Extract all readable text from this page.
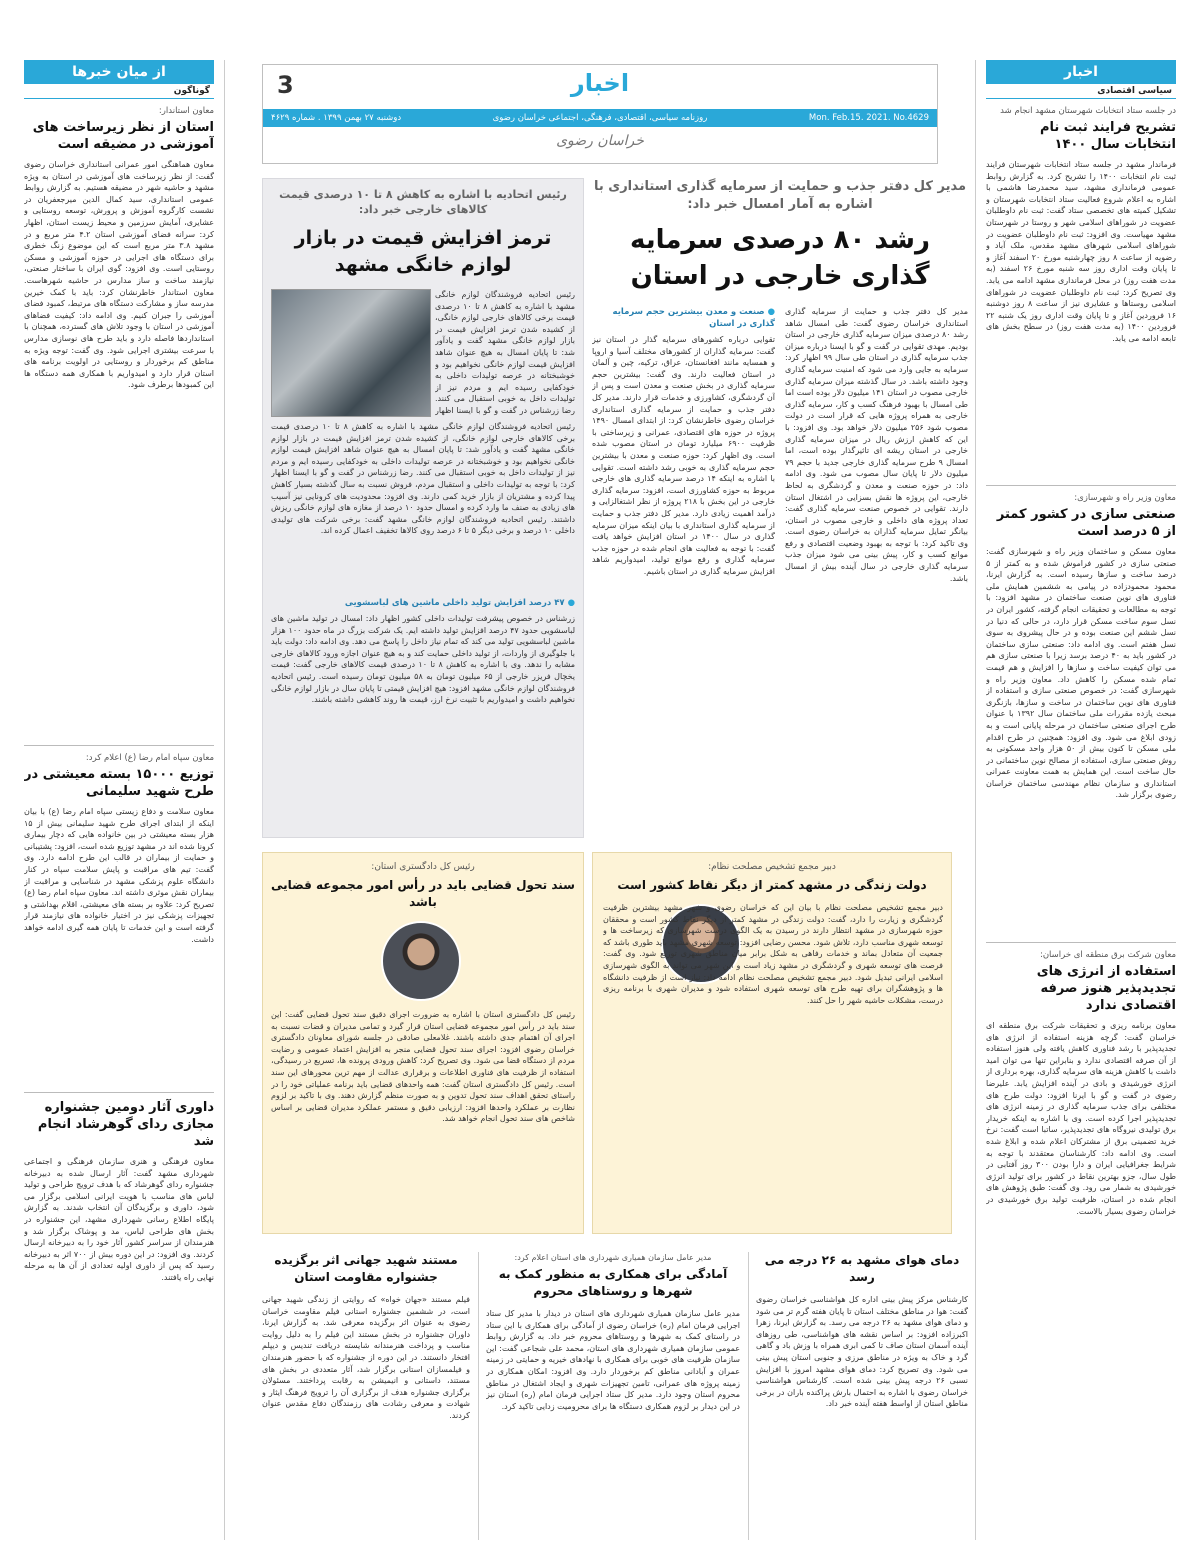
اخبار
سیاسی اقتصادی
در جلسه ستاد انتخابات شهرستان مشهد انجام شد
تشریح فرایند ثبت نام انتخابات سال ۱۴۰۰
فرماندار مشهد در جلسه ستاد انتخابات شهرستان فرایند ثبت نام انتخابات ۱۴۰۰ را تشریح کرد. به گزارش روابط عمومی فرمانداری مشهد، سید محمدرضا هاشمی با اشاره به اعلام شروع فعالیت ستاد انتخابات شهرستان و تشکیل کمیته های تخصصی ستاد گفت: ثبت نام داوطلبان عضویت در شوراهای اسلامی شهر و روستا در شهرستان مشهد مهیاست. وی افزود: ثبت نام داوطلبان عضویت در شوراهای اسلامی شهرهای مشهد مقدس، ملک آباد و رضویه از ساعت ۸ روز چهارشنبه مورخ ۲۰ اسفند آغاز و تا پایان وقت اداری روز سه شنبه مورخ ۲۶ اسفند (به مدت هفت روز) در محل فرمانداری مشهد ادامه می یابد. وی تصریح کرد: ثبت نام داوطلبان عضویت در شوراهای اسلامی روستاها و عشایری نیز از ساعت ۸ روز دوشنبه ۱۶ فروردین آغاز و تا پایان وقت اداری روز یک شنبه ۲۲ فروردین ۱۴۰۰ (به مدت هفت روز) در سطح بخش های تابعه ادامه می یابد.
معاون وزیر راه و شهرسازی:
صنعتی سازی در کشور کمتر از ۵ درصد است
معاون مسکن و ساختمان وزیر راه و شهرسازی گفت: صنعتی سازی در کشور فراموش شده و به کمتر از ۵ درصد ساخت و سازها رسیده است. به گزارش ایرنا، محمود محمودزاده در پیامی به ششمین همایش ملی فناوری های نوین صنعت ساختمان در مشهد افزود: با توجه به مطالعات و تحقیقات انجام گرفته، کشور ایران در نسل سوم ساخت مسکن قرار دارد، در حالی که دنیا در نسل ششم این صنعت بوده و در حال پیشروی به سوی نسل هفتم است. وی ادامه داد: صنعتی سازی ساختمان در کشور باید به ۴۰ درصد برسد زیرا با صنعتی سازی هم می توان کیفیت ساخت و سازها را افزایش و هم قیمت تمام شده مسکن را کاهش داد. معاون وزیر راه و شهرسازی گفت: در خصوص صنعتی سازی و استفاده از فناوری های نوین ساختمان در ساخت و سازها، بازنگری مبحث یازده مقررات ملی ساختمان سال ۱۳۹۲ با عنوان طرح اجرای صنعتی ساختمان در مرحله پایانی است و به زودی ابلاغ می شود. وی افزود: همچنین در طرح اقدام ملی مسکن تا کنون بیش از ۵۰ هزار واحد مسکونی به روش صنعتی سازی، استفاده از مصالح نوین ساختمانی در حال ساخت است. این همایش به همت معاونت عمرانی استانداری و سازمان نظام مهندسی ساختمان خراسان رضوی برگزار شد.
معاون شرکت برق منطقه ای خراسان:
استفاده از انرژی های تجدیدپذیر هنوز صرفه اقتصادی ندارد
معاون برنامه ریزی و تحقیقات شرکت برق منطقه ای خراسان گفت: گرچه هزینه استفاده از انرژی های تجدیدپذیر با رشد فناوری کاهش یافته ولی هنوز استفاده از آن صرفه اقتصادی ندارد و بنابراین تنها می توان امید داشت با کاهش هزینه های سرمایه گذاری، بهره برداری از انرژی خورشیدی و بادی در آینده افزایش یابد. علیرضا رضوی در گفت و گو با ایرنا افزود: دولت طرح های مختلفی برای جذب سرمایه گذاری در زمینه انرژی های تجدیدپذیر اجرا کرده است. وی با اشاره به اینکه خریدار برق تولیدی نیروگاه های تجدیدپذیر، ساتبا است گفت: نرخ خرید تضمینی برق از مشترکان اعلام شده و ابلاغ شده است. وی ادامه داد: کارشناسان معتقدند با توجه به شرایط جغرافیایی ایران و دارا بودن ۳۰۰ روز آفتابی در طول سال، جزو بهترین نقاط در کشور برای تولید انرژی خورشیدی به شمار می رود. وی گفت: طبق پژوهش های انجام شده در استان، ظرفیت تولید برق خورشیدی در خراسان رضوی بسیار بالاست.
از میان خبرها
گوناگون
معاون استاندار:
استان از نظر زیرساخت های آموزشی در مضیقه است
معاون هماهنگی امور عمرانی استانداری خراسان رضوی گفت: از نظر زیرساخت های آموزشی در استان به ویژه مشهد و حاشیه شهر در مضیقه هستیم. به گزارش روابط عمومی استانداری، سید کمال الدین میرجعفریان در نشست کارگروه آموزش و پرورش، توسعه روستایی و عشایری، آمایش سرزمین و محیط زیست استان، اظهار کرد: سرانه فضای آموزشی استان ۴.۲ متر مربع و در مشهد ۳.۸ متر مربع است که این موضوع زنگ خطری برای دستگاه های اجرایی در حوزه آموزشی و مسکن روستایی است. وی افزود: گوی ایران با ساختار صنعتی، نیازمند ساخت و ساز مدارس در حاشیه شهرهاست. معاون استاندار خاطرنشان کرد: باید با کمک خیرین مدرسه ساز و مشارکت دستگاه های مرتبط، کمبود فضای آموزشی را جبران کنیم. وی ادامه داد: کیفیت فضاهای آموزشی در استان با وجود تلاش های گسترده، همچنان با استانداردها فاصله دارد و باید طرح های نوسازی مدارس با سرعت بیشتری اجرایی شود. وی گفت: توجه ویژه به مناطق کم برخوردار و روستایی در اولویت برنامه های استان قرار دارد و امیدواریم با همکاری همه دستگاه ها این کمبودها برطرف شود.
معاون سپاه امام رضا (ع) اعلام کرد:
توزیع ۱۵۰۰۰ بسته معیشتی در طرح شهید سلیمانی
معاون سلامت و دفاع زیستی سپاه امام رضا (ع) با بیان اینکه از ابتدای اجرای طرح شهید سلیمانی بیش از ۱۵ هزار بسته معیشتی در بین خانواده هایی که دچار بیماری کرونا شده اند در مشهد توزیع شده است، افزود: پشتیبانی و حمایت از بیماران در قالب این طرح ادامه دارد. وی گفت: تیم های مراقبت و پایش سلامت سپاه در کنار دانشگاه علوم پزشکی مشهد در شناسایی و مراقبت از بیماران نقش موثری داشته اند. معاون سپاه امام رضا (ع) تصریح کرد: علاوه بر بسته های معیشتی، اقلام بهداشتی و تجهیزات پزشکی نیز در اختیار خانواده های نیازمند قرار گرفته است و این خدمات تا پایان همه گیری ادامه خواهد داشت.
داوری آثار دومین جشنواره مجازی ردای گوهرشاد انجام شد
معاون فرهنگی و هنری سازمان فرهنگی و اجتماعی شهرداری مشهد گفت: آثار ارسال شده به دبیرخانه جشنواره ردای گوهرشاد که با هدف ترویج طراحی و تولید لباس های مناسب با هویت ایرانی اسلامی برگزار می شود، داوری و برگزیدگان آن انتخاب شدند. به گزارش پایگاه اطلاع رسانی شهرداری مشهد، این جشنواره در بخش های طراحی لباس، مد و پوشاک برگزار شد و هنرمندان از سراسر کشور آثار خود را به دبیرخانه ارسال کردند. وی افزود: در این دوره بیش از ۷۰۰ اثر به دبیرخانه رسید که پس از داوری اولیه تعدادی از آن ها به مرحله نهایی راه یافتند.
اخبار
3
روزنامه سیاسی، اقتصادی، فرهنگی، اجتماعی خراسان رضوی	Mon. Feb.15. 2021. No.4629
دوشنبه ۲۷ بهمن ۱۳۹۹ . شماره ۴۶۲۹
خراسان رضوی
مدیر کل دفتر جذب و حمایت از سرمایه گذاری استانداری با اشاره به آمار امسال خبر داد:
رشد ۸۰ درصدی سرمایه گذاری خارجی در استان
مدیر کل دفتر جذب و حمایت از سرمایه گذاری استانداری خراسان رضوی گفت: طی امسال شاهد رشد ۸۰ درصدی میزان سرمایه گذاری خارجی در استان بودیم. مهدی تقوایی در گفت و گو با ایسنا درباره میزان جذب سرمایه گذاری در استان طی سال ۹۹ اظهار کرد: سرمایه به جایی وارد می شود که امنیت سرمایه گذاری وجود داشته باشد. در سال گذشته میزان سرمایه گذاری خارجی مصوب در استان ۱۴۱ میلیون دلار بوده است اما طی امسال با بهبود فرهنگ کسب و کار، سرمایه گذاری خارجی به همراه پروژه هایی که قرار است در دولت مصوب شود ۲۵۶ میلیون دلار خواهد بود. وی افزود: با این که کاهش ارزش ریال در میزان سرمایه گذاری خارجی در استان ریشه ای تاثیرگذار بوده است، اما امسال ۹ طرح سرمایه گذاری خارجی جدید با حجم ۷۹ میلیون دلار تا پایان سال مصوب می شود. وی ادامه داد: در حوزه صنعت و معدن و گردشگری به لحاظ خارجی، این پروژه ها نقش بسزایی در اشتغال استان دارند. تقوایی در خصوص صنعت سرمایه گذاری گفت: تعداد پروژه های داخلی و خارجی مصوب در استان، بیانگر تمایل سرمایه گذاران به خراسان رضوی است. وی تاکید کرد: با توجه به بهبود وضعیت اقتصادی و رفع موانع کسب و کار، پیش بینی می شود میزان جذب سرمایه گذاری خارجی در سال آینده بیش از امسال باشد.
● صنعت و معدن بیشترین حجم سرمایه گذاری در استان
تقوایی درباره کشورهای سرمایه گذار در استان نیز گفت: سرمایه گذاران از کشورهای مختلف آسیا و اروپا و همسایه مانند افغانستان، عراق، ترکیه، چین و آلمان در استان فعالیت دارند. وی گفت: بیشترین حجم سرمایه گذاری در بخش صنعت و معدن است و پس از آن گردشگری، کشاورزی و خدمات قرار دارند. مدیر کل دفتر جذب و حمایت از سرمایه گذاری استانداری خراسان رضوی خاطرنشان کرد: از ابتدای امسال ۱۴۹۰ پروژه در حوزه های اقتصادی، عمرانی و زیرساختی با ظرفیت ۶۹۰۰ میلیارد تومان در استان مصوب شده است. وی اظهار کرد: حوزه صنعت و معدن با بیشترین حجم سرمایه گذاری به خوبی رشد داشته است. تقوایی با اشاره به اینکه ۱۴ درصد سرمایه گذاری های خارجی مربوط به حوزه کشاورزی است، افزود: سرمایه گذاری خارجی در این بخش با ۲۱۸ پروژه از نظر اشتغالزایی و درآمد اهمیت زیادی دارد. مدیر کل دفتر جذب و حمایت از سرمایه گذاری استانداری با بیان اینکه میزان سرمایه گذاری در سال ۱۴۰۰ در استان افزایش خواهد یافت گفت: با توجه به فعالیت های انجام شده در حوزه جذب سرمایه گذاری و رفع موانع تولید، امیدواریم شاهد افزایش سرمایه گذاری در استان باشیم.
رئیس اتحادیه با اشاره به کاهش ۸ تا ۱۰ درصدی قیمت کالاهای خارجی خبر داد:
ترمز افزایش قیمت در بازار لوازم خانگی مشهد
رئیس اتحادیه فروشندگان لوازم خانگی مشهد با اشاره به کاهش ۸ تا ۱۰ درصدی قیمت برخی کالاهای خارجی لوازم خانگی، از کشیده شدن ترمز افزایش قیمت در بازار لوازم خانگی مشهد گفت و یادآور شد: تا پایان امسال به هیچ عنوان شاهد افزایش قیمت لوازم خانگی نخواهیم بود و خوشبختانه در عرصه تولیدات داخلی به خودکفایی رسیده ایم و مردم نیز از تولیدات داخل به خوبی استقبال می کنند. رضا زرشناس در گفت و گو با ایسنا اظهار
رئیس اتحادیه فروشندگان لوازم خانگی مشهد با اشاره به کاهش ۸ تا ۱۰ درصدی قیمت برخی کالاهای خارجی لوازم خانگی، از کشیده شدن ترمز افزایش قیمت در بازار لوازم خانگی مشهد گفت و یادآور شد: تا پایان امسال به هیچ عنوان شاهد افزایش قیمت لوازم خانگی نخواهیم بود و خوشبختانه در عرصه تولیدات داخلی به خودکفایی رسیده ایم و مردم نیز از تولیدات داخل به خوبی استقبال می کنند. رضا زرشناس در گفت و گو با ایسنا اظهار کرد: با توجه به تولیدات داخلی و استقبال مردم، فروش نسبت به سال گذشته بسیار کاهش پیدا کرده و مشتریان از بازار خرید کمی دارند. وی افزود: محدودیت های کرونایی نیز آسیب های زیادی به صنف ما وارد کرده و امسال حدود ۱۰ درصد از مغازه های لوازم خانگی ریزش داشتند. رئیس اتحادیه فروشندگان لوازم خانگی مشهد گفت: برخی شرکت های تولیدی داخلی ۱۰ درصد و برخی دیگر ۵ تا ۶ درصد روی کالاها تخفیف اعمال کرده اند.
● ۴۷ درصد افزایش تولید داخلی ماشین های لباسشویی
زرشناس در خصوص پیشرفت تولیدات داخلی کشور اظهار داد: امسال در تولید ماشین های لباسشویی حدود ۴۷ درصد افزایش تولید داشته ایم. یک شرکت بزرگ در ماه حدود ۱۰۰ هزار ماشین لباسشویی تولید می کند که تمام نیاز داخل را پاسخ می دهد. وی ادامه داد: دولت باید با جلوگیری از واردات، از تولید داخلی حمایت کند و به هیچ عنوان اجازه ورود کالاهای خارجی مشابه را ندهد. وی با اشاره به کاهش ۸ تا ۱۰ درصدی قیمت کالاهای خارجی گفت: قیمت یخچال فریزر خارجی از ۶۵ میلیون تومان به ۵۸ میلیون تومان رسیده است. رئیس اتحادیه فروشندگان لوازم خانگی مشهد افزود: هیچ افزایش قیمتی تا پایان سال در بازار لوازم خانگی نخواهیم داشت و امیدواریم با تثبیت نرخ ارز، قیمت ها روند کاهشی داشته باشند.
دبیر مجمع تشخیص مصلحت نظام:
دولت زندگی در مشهد کمتر از دیگر نقاط کشور است
دبیر مجمع تشخیص مصلحت نظام با بیان این که خراسان رضوی و شهر مشهد بیشترین ظرفیت گردشگری و زیارت را دارد، گفت: دولت زندگی در مشهد کمتر از دیگر نقاط کشور است و محققان حوزه شهرسازی در مشهد انتظار دارند در رسیدن به یک الگوی درست شهرسازی که زیرساخت ها و توسعه شهری مناسب دارد، تلاش شود. محسن رضایی افزود: توسعه شهری مشهد باید طوری باشد که جمعیت آن متعادل بماند و خدمات رفاهی به شکل برابر میان مناطق شهری توزیع شود. وی گفت: فرصت های توسعه شهری و گردشگری در مشهد زیاد است و این شهر می تواند به الگوی شهرسازی اسلامی ایرانی تبدیل شود. دبیر مجمع تشخیص مصلحت نظام ادامه داد: نیاز است از ظرفیت دانشگاه ها و پژوهشگران برای تهیه طرح های توسعه شهری استفاده شود و مدیران شهری با برنامه ریزی درست، مشکلات حاشیه شهر را حل کنند.
رئیس کل دادگستری استان:
سند تحول قضایی باید در رأس امور مجموعه قضایی باشد
رئیس کل دادگستری استان با اشاره به ضرورت اجرای دقیق سند تحول قضایی گفت: این سند باید در رأس امور مجموعه قضایی استان قرار گیرد و تمامی مدیران و قضات نسبت به اجرای آن اهتمام جدی داشته باشند. غلامعلی صادقی در جلسه شورای معاونان دادگستری خراسان رضوی افزود: اجرای سند تحول قضایی منجر به افزایش اعتماد عمومی و رضایت مردم از دستگاه قضا می شود. وی تصریح کرد: کاهش ورودی پرونده ها، تسریع در رسیدگی، استفاده از ظرفیت های فناوری اطلاعات و برقراری عدالت از مهم ترین محورهای این سند است. رئیس کل دادگستری استان گفت: همه واحدهای قضایی باید برنامه عملیاتی خود را در راستای تحقق اهداف سند تحول تدوین و به صورت منظم گزارش دهند. وی با تاکید بر لزوم نظارت بر عملکرد واحدها افزود: ارزیابی دقیق و مستمر عملکرد مدیران قضایی بر اساس شاخص های سند تحول انجام خواهد شد.
دمای هوای مشهد به ۲۶ درجه می رسد
کارشناس مرکز پیش بینی اداره کل هواشناسی خراسان رضوی گفت: هوا در مناطق مختلف استان تا پایان هفته گرم تر می شود و دمای هوای مشهد به ۲۶ درجه می رسد. به گزارش ایرنا، زهرا اکبرزاده افزود: بر اساس نقشه های هواشناسی، طی روزهای آینده آسمان استان صاف تا کمی ابری همراه با وزش باد و گاهی گرد و خاک به ویژه در مناطق مرزی و جنوبی استان پیش بینی می شود. وی تصریح کرد: دمای هوای مشهد امروز با افزایش نسبی ۲۶ درجه پیش بینی شده است. کارشناس هواشناسی خراسان رضوی با اشاره به احتمال بارش پراکنده باران در برخی مناطق استان از اواسط هفته آینده خبر داد.
مدیر عامل سازمان همیاری شهرداری های استان اعلام کرد:
آمادگی برای همکاری به منظور کمک به شهرها و روستاهای محروم
مدیر عامل سازمان همیاری شهرداری های استان در دیدار با مدیر کل ستاد اجرایی فرمان امام (ره) خراسان رضوی از آمادگی برای همکاری با این ستاد در راستای کمک به شهرها و روستاهای محروم خبر داد. به گزارش روابط عمومی سازمان همیاری شهرداری های استان، محمد علی شجاعی گفت: این سازمان ظرفیت های خوبی برای همکاری با نهادهای خیریه و حمایتی در زمینه عمران و آبادانی مناطق کم برخوردار دارد. وی افزود: امکان همکاری در زمینه پروژه های عمرانی، تامین تجهیزات شهری و ایجاد اشتغال در مناطق محروم استان وجود دارد. مدیر کل ستاد اجرایی فرمان امام (ره) استان نیز در این دیدار بر لزوم همکاری دستگاه ها برای محرومیت زدایی تاکید کرد.
مستند شهید جهانی اثر برگزیده جشنواره مقاومت استان
فیلم مستند «جهان خواه» که روایتی از زندگی شهید جهانی است، در ششمین جشنواره استانی فیلم مقاومت خراسان رضوی به عنوان اثر برگزیده معرفی شد. به گزارش ایرنا، داوران جشنواره در بخش مستند این فیلم را به دلیل روایت مناسب و پرداخت هنرمندانه شایسته دریافت تندیس و دیپلم افتخار دانستند. در این دوره از جشنواره که با حضور هنرمندان و فیلمسازان استانی برگزار شد، آثار متعددی در بخش های مستند، داستانی و انیمیشن به رقابت پرداختند. مسئولان برگزاری جشنواره هدف از برگزاری آن را ترویج فرهنگ ایثار و شهادت و معرفی رشادت های رزمندگان دفاع مقدس عنوان کردند.
